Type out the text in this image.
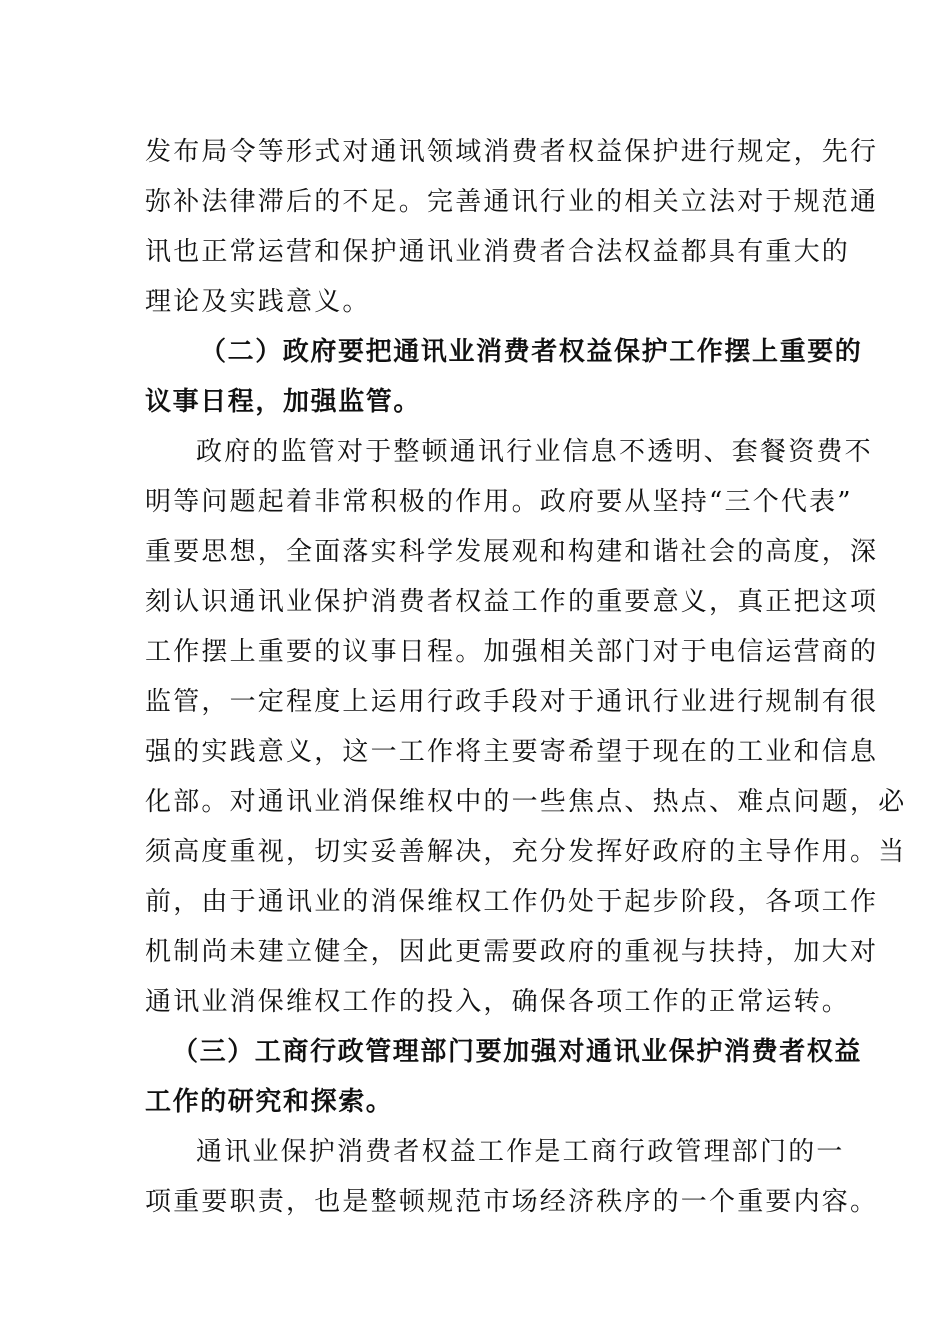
发布局令等形式对通讯领域消费者权益保护进行规定，先行
弥补法律滞后的不足。完善通讯行业的相关立法对于规范通
讯也正常运营和保护通讯业消费者合法权益都具有重大的
理论及实践意义。
（二）政府要把通讯业消费者权益保护工作摆上重要的
议事日程，加强监管。
政府的监管对于整顿通讯行业信息不透明、套餐资费不
明等问题起着非常积极的作用。政府要从坚持“三个代表”
重要思想，全面落实科学发展观和构建和谐社会的高度，深
刻认识通讯业保护消费者权益工作的重要意义，真正把这项
工作摆上重要的议事日程。加强相关部门对于电信运营商的
监管，一定程度上运用行政手段对于通讯行业进行规制有很
强的实践意义，这一工作将主要寄希望于现在的工业和信息
化部。对通讯业消保维权中的一些焦点、热点、难点问题，必
须高度重视，切实妥善解决，充分发挥好政府的主导作用。当
前，由于通讯业的消保维权工作仍处于起步阶段，各项工作
机制尚未建立健全，因此更需要政府的重视与扶持，加大对
通讯业消保维权工作的投入，确保各项工作的正常运转。
（三）工商行政管理部门要加强对通讯业保护消费者权益
工作的研究和探索。
通讯业保护消费者权益工作是工商行政管理部门的一
项重要职责，也是整顿规范市场经济秩序的一个重要内容。
